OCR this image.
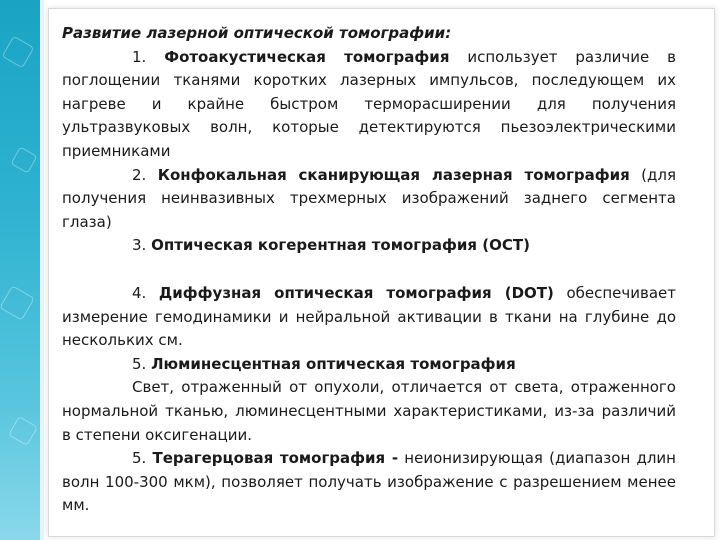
Развитие лазерной оптической томографии:

1. Фотоакустическая томография использует различие в поглощении тканями коротких лазерных импульсов, последующем их нагреве и крайне быстром терморасширении для получения ультразвуковых волн, которые детектируются пьезоэлектрическими приемниками

2. Конфокальная сканирующая лазерная томография (для получения неинвазивных трехмерных изображений заднего сегмента глаза)

3. Оптическая когерентная томография (OCT)

4. Диффузная оптическая томография (DOT) обеспечивает измерение гемодинамики и нейральной активации в ткани на глубине до нескольких см.

5. Люминесцентная оптическая томография

Свет, отраженный от опухоли, отличается от света, отраженного нормальной тканью, люминесцентными характеристиками, из-за различий в степени оксигенации.

5. Терагерцовая томография - неионизирующая (диапазон длин волн 100-300 мкм), позволяет получать изображение с разрешением менее мм.
